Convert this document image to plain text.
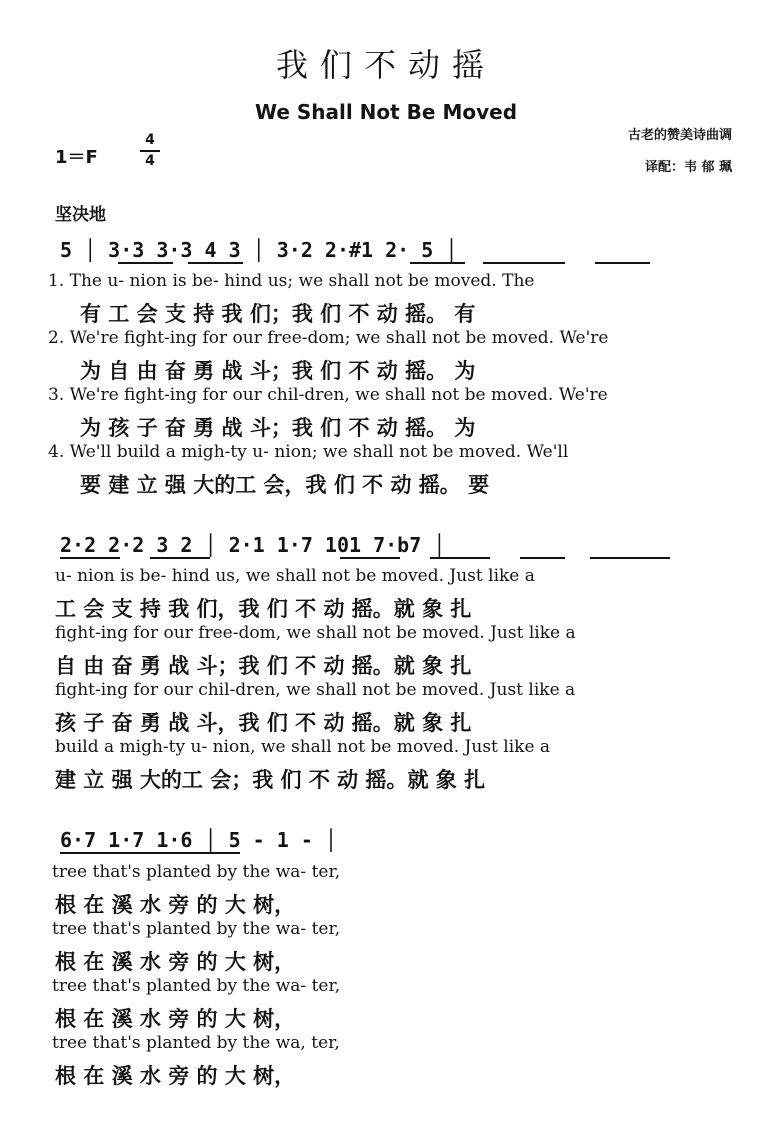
我们不动摇
We Shall Not Be Moved
古老的赞美诗曲调
译配：韦 郁 珮
1＝F
4
4
坚决地
5 │ 3·3 3·3 4 3 │ 3·2 2·#1 2· 5 │
1. The u- nion is be- hind us; we shall not be moved. The
有 工 会 支 持 我 们；我 们 不 动 摇。 有
2. We're fight-ing for our free-dom; we shall not be moved. We're
为 自 由 奋 勇 战 斗；我 们 不 动 摇。 为
3. We're fight-ing for our chil-dren, we shall not be moved. We're
为 孩 子 奋 勇 战 斗；我 们 不 动 摇。 为
4. We'll build a migh-ty u- nion; we shall not be moved. We'll
要 建 立 强 大的工 会，我 们 不 动 摇。 要
2·2 2·2 3 2 │ 2·1 1·7 101 7·b7 │
u- nion is be- hind us, we shall not be moved. Just like a
工 会 支 持 我 们，我 们 不 动 摇。就 象 扎
fight-ing for our free-dom, we shall not be moved. Just like a
自 由 奋 勇 战 斗；我 们 不 动 摇。就 象 扎
fight-ing for our chil-dren, we shall not be moved. Just like a
孩 子 奋 勇 战 斗，我 们 不 动 摇。就 象 扎
build a migh-ty u- nion, we shall not be moved. Just like a
建 立 强 大的工 会；我 们 不 动 摇。就 象 扎
6·7 1·7 1·6 │ 5 - 1 - │
tree that's planted by the wa- ter,
根 在 溪 水 旁 的 大 树，
tree that's planted by the wa- ter,
根 在 溪 水 旁 的 大 树，
tree that's planted by the wa- ter,
根 在 溪 水 旁 的 大 树，
tree that's planted by the wa, ter,
根 在 溪 水 旁 的 大 树，
